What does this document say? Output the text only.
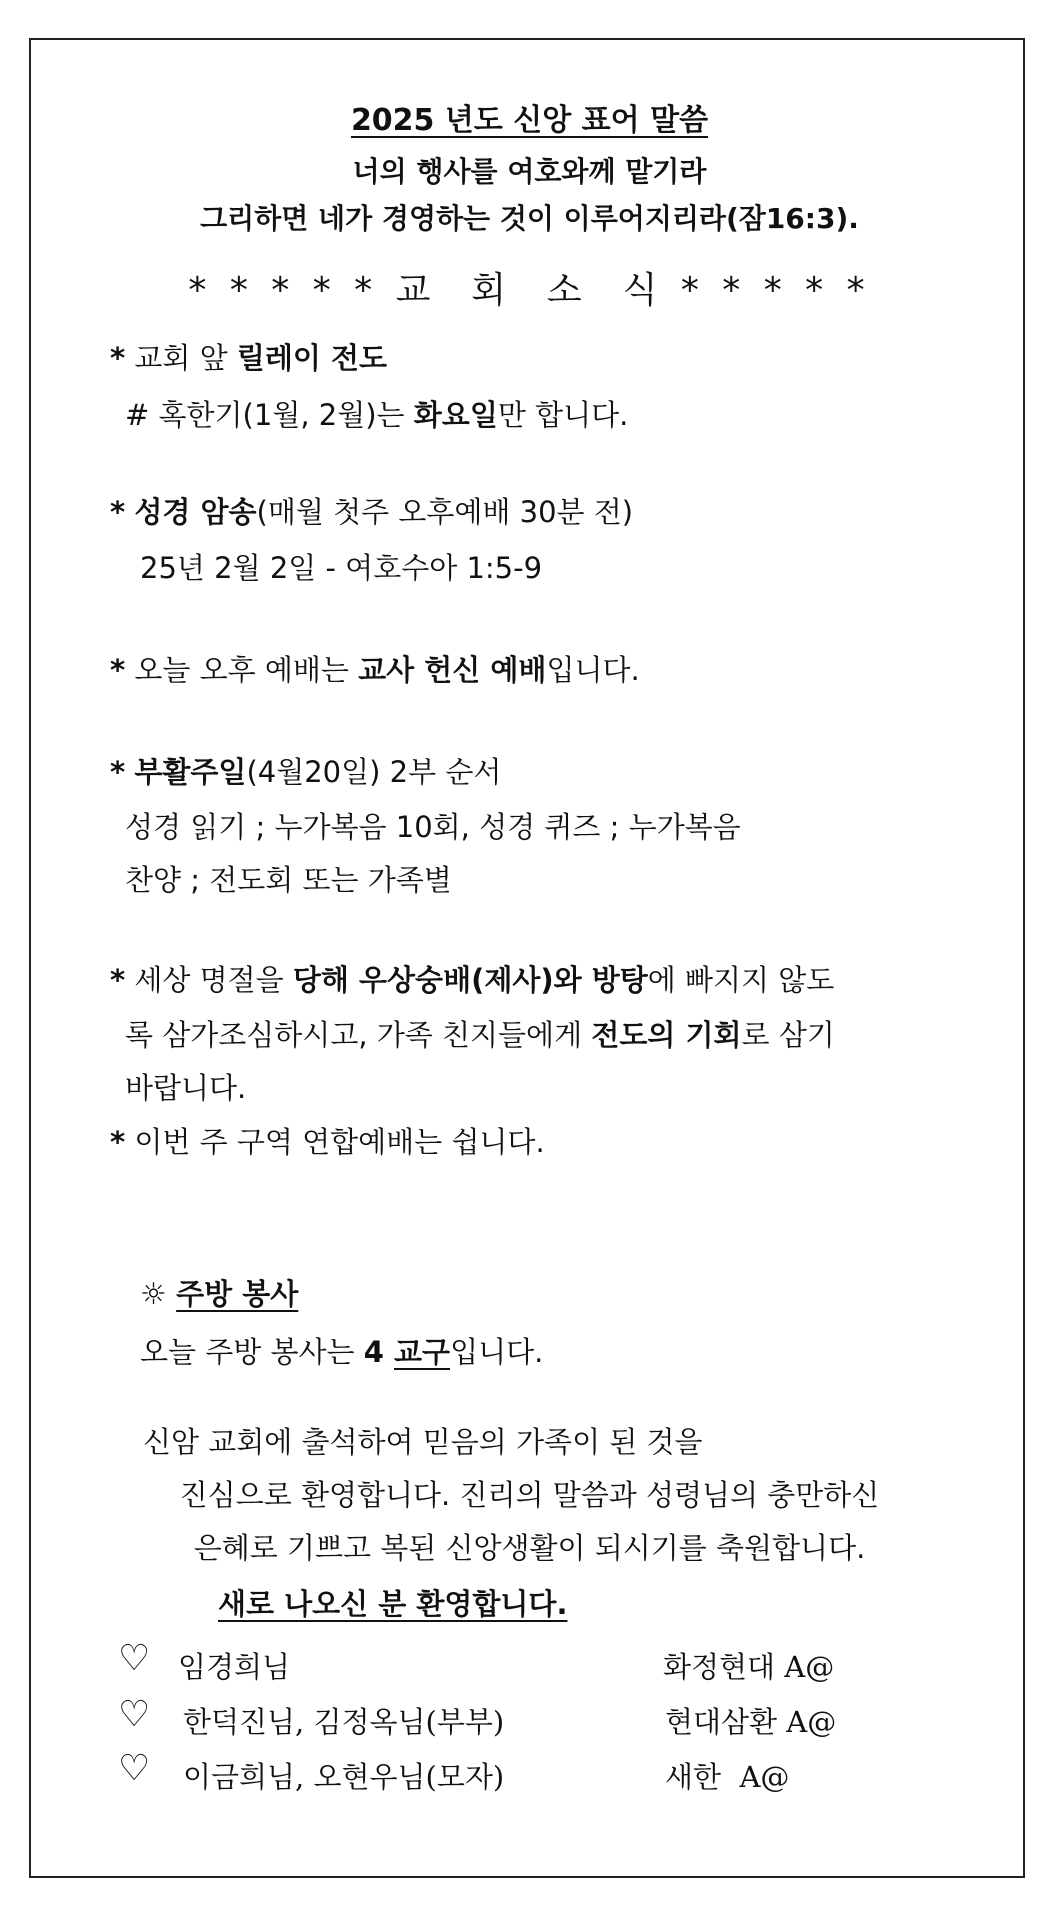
2025 년도 신앙 표어 말씀
너의 행사를 여호와께 맡기라
그리하면 네가 경영하는 것이 이루어지리라(잠16:3).
* * * * * 교  회  소  식 * * * * *
* 교회 앞 릴레이 전도
# 혹한기(1월, 2월)는 화요일만 합니다.
* 성경 암송(매월 첫주 오후예배 30분 전)
25년 2월 2일 - 여호수아 1:5-9
* 오늘 오후 예배는 교사 헌신 예배입니다.
* 부활주일(4월20일) 2부 순서
성경 읽기 ; 누가복음 10회, 성경 퀴즈 ; 누가복음
찬양 ; 전도회 또는 가족별
* 세상 명절을 당해 우상숭배(제사)와 방탕에 빠지지 않도
록 삼가조심하시고, 가족 친지들에게 전도의 기회로 삼기
바랍니다.
* 이번 주 구역 연합예배는 쉽니다.
☼ 주방 봉사
오늘 주방 봉사는 4 교구입니다.
신암 교회에 출석하여 믿음의 가족이 된 것을
진심으로 환영합니다. 진리의 말씀과 성령님의 충만하신
은혜로 기쁘고 복된 신앙생활이 되시기를 축원합니다.
새로 나오신 분 환영합니다.
♡ 임경희님	화정현대 A@
♡ 한덕진님, 김정옥님(부부)	현대삼환 A@
♡ 이금희님, 오현우님(모자)	새한  A@
